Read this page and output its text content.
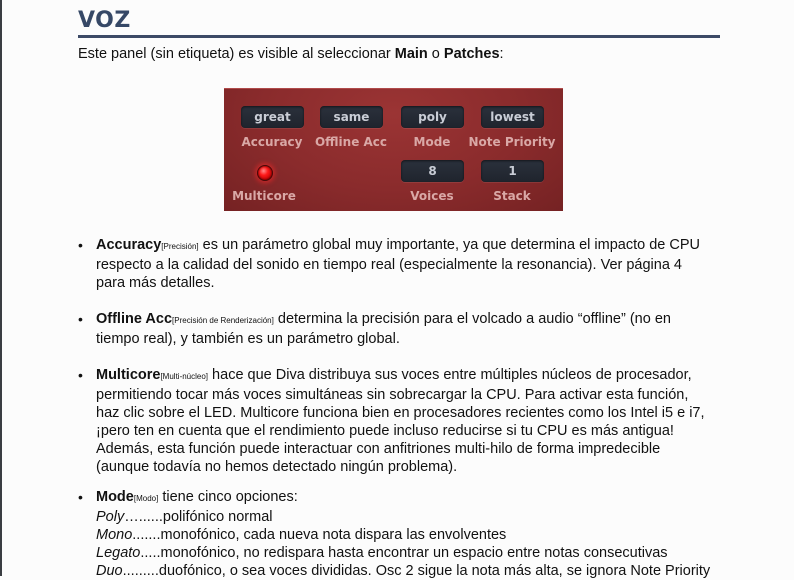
VOZ
Este panel (sin etiqueta) es visible al seleccionar Main o Patches:
great
Accuracy
same
Offline Acc
poly
Mode
lowest
Note Priority
Multicore
8
Voices
1
Stack
• Accuracy[Precisión] es un parámetro global muy importante, ya que determina el impacto de CPU
respecto a la calidad del sonido en tiempo real (especialmente la resonancia). Ver página 4
para más detalles.
• Offline Acc[Precisión de Renderización] determina la precisión para el volcado a audio “offline” (no en
tiempo real), y también es un parámetro global.
• Multicore[Multi-núcleo] hace que Diva distribuya sus voces entre múltiples núcleos de procesador,
permitiendo tocar más voces simultáneas sin sobrecargar la CPU. Para activar esta función,
haz clic sobre el LED. Multicore funciona bien en procesadores recientes como los Intel i5 e i7,
¡pero ten en cuenta que el rendimiento puede incluso reducirse si tu CPU es más antigua!
Además, esta función puede interactuar con anfitriones multi-hilo de forma impredecible
(aunque todavía no hemos detectado ningún problema).
• Mode[Modo] tiene cinco opciones:
Poly…......polifónico normal
Mono.......monofónico, cada nueva nota dispara las envolventes
Legato.....monofónico, no redispara hasta encontrar un espacio entre notas consecutivas
Duo.........duofónico, o sea voces divididas. Osc 2 sigue la nota más alta, se ignora Note Priority
